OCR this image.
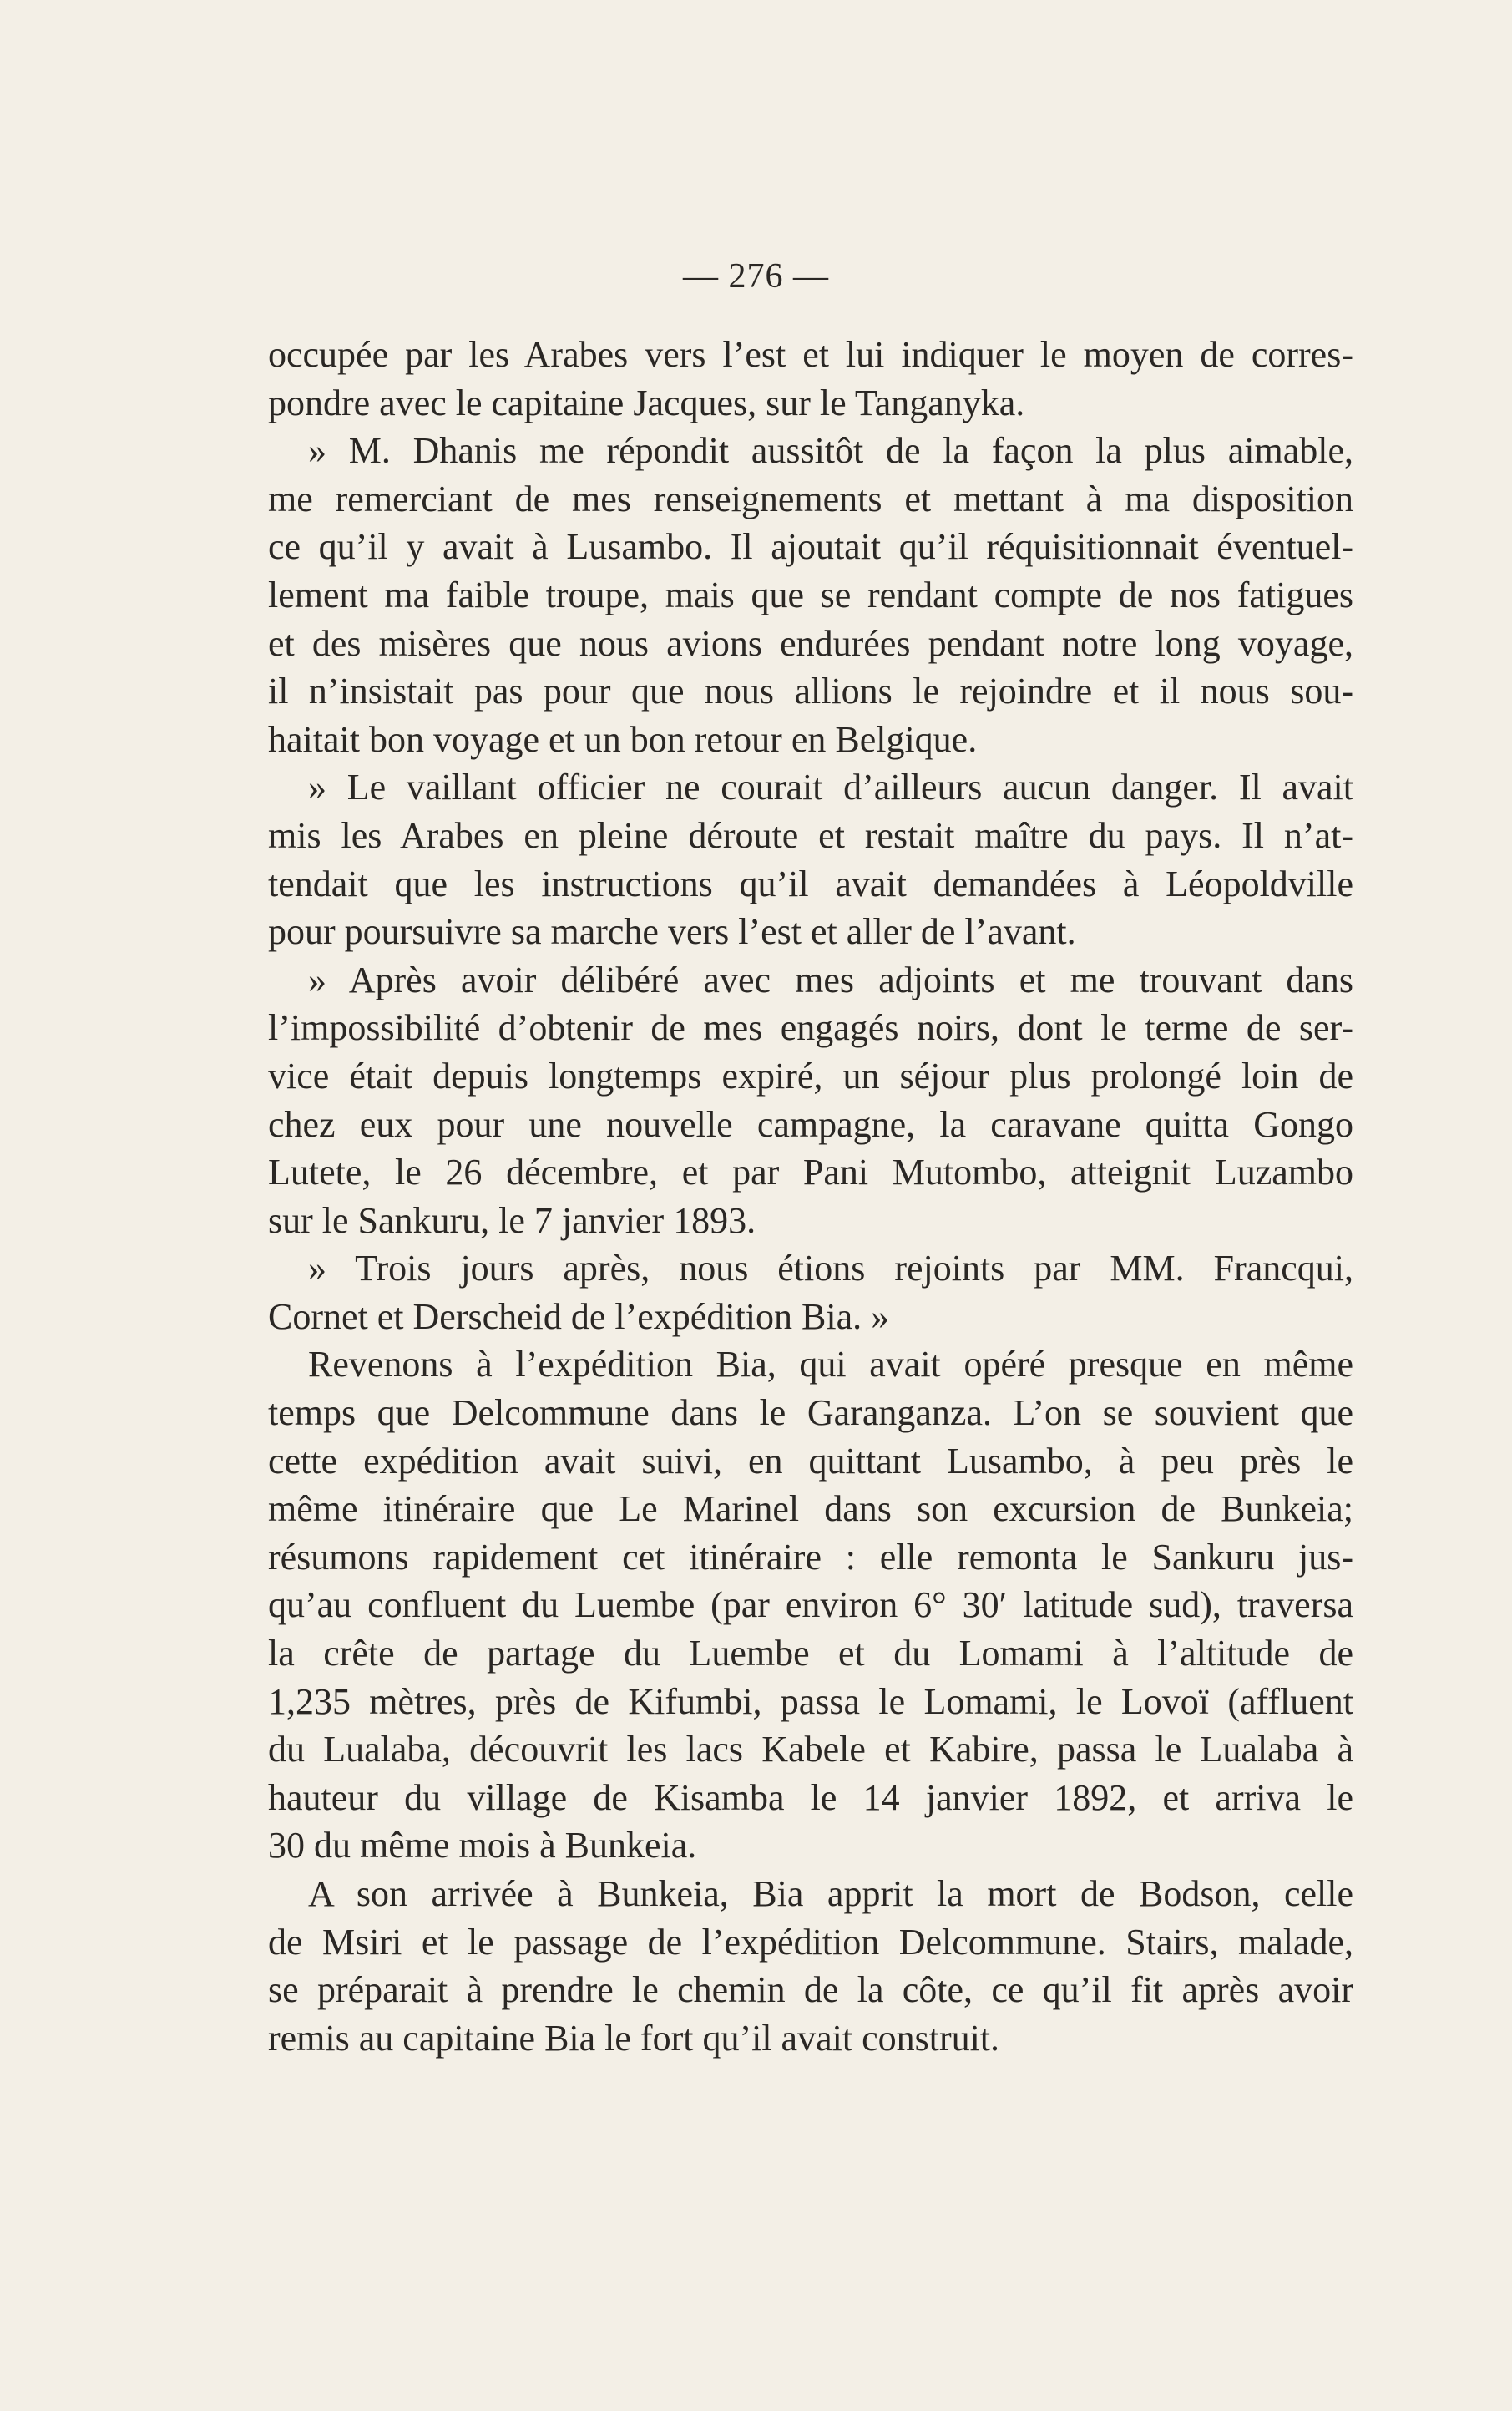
— 276 —
occupée par les Arabes vers l’est et lui indiquer le moyen de corres-
pondre avec le capitaine Jacques, sur le Tanganyka.
» M. Dhanis me répondit aussitôt de la façon la plus aimable,
me remerciant de mes renseignements et mettant à ma disposition
ce qu’il y avait à Lusambo. Il ajoutait qu’il réquisitionnait éventuel-
lement ma faible troupe, mais que se rendant compte de nos fatigues
et des misères que nous avions endurées pendant notre long voyage,
il n’insistait pas pour que nous allions le rejoindre et il nous sou-
haitait bon voyage et un bon retour en Belgique.
» Le vaillant officier ne courait d’ailleurs aucun danger. Il avait
mis les Arabes en pleine déroute et restait maître du pays. Il n’at-
tendait que les instructions qu’il avait demandées à Léopoldville
pour poursuivre sa marche vers l’est et aller de l’avant.
» Après avoir délibéré avec mes adjoints et me trouvant dans
l’impossibilité d’obtenir de mes engagés noirs, dont le terme de ser-
vice était depuis longtemps expiré, un séjour plus prolongé loin de
chez eux pour une nouvelle campagne, la caravane quitta Gongo
Lutete, le 26 décembre, et par Pani Mutombo, atteignit Luzambo
sur le Sankuru, le 7 janvier 1893.
» Trois jours après, nous étions rejoints par MM. Francqui,
Cornet et Derscheid de l’expédition Bia. »
Revenons à l’expédition Bia, qui avait opéré presque en même
temps que Delcommune dans le Garanganza. L’on se souvient que
cette expédition avait suivi, en quittant Lusambo, à peu près le
même itinéraire que Le Marinel dans son excursion de Bunkeia;
résumons rapidement cet itinéraire : elle remonta le Sankuru jus-
qu’au confluent du Luembe (par environ 6° 30′ latitude sud), traversa
la crête de partage du Luembe et du Lomami à l’altitude de
1,235 mètres, près de Kifumbi, passa le Lomami, le Lovoï (affluent
du Lualaba, découvrit les lacs Kabele et Kabire, passa le Lualaba à
hauteur du village de Kisamba le 14 janvier 1892, et arriva le
30 du même mois à Bunkeia.
A son arrivée à Bunkeia, Bia apprit la mort de Bodson, celle
de Msiri et le passage de l’expédition Delcommune. Stairs, malade,
se préparait à prendre le chemin de la côte, ce qu’il fit après avoir
remis au capitaine Bia le fort qu’il avait construit.
